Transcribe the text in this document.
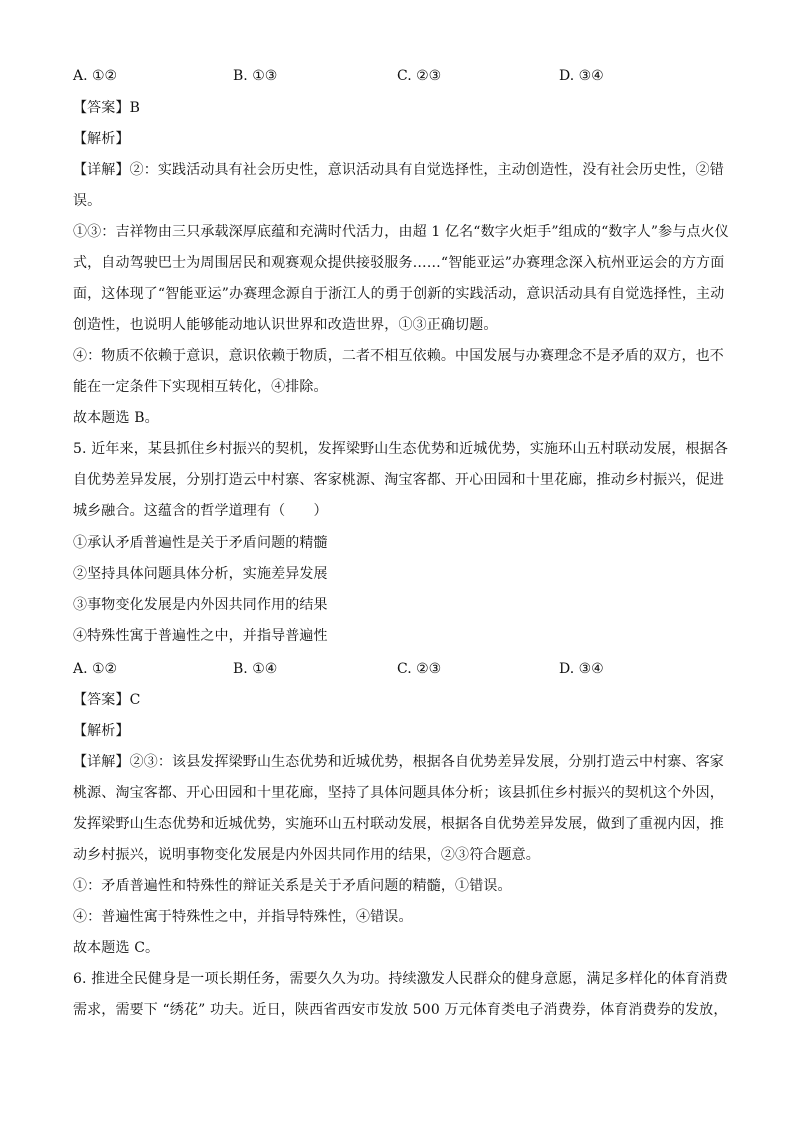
A. ①②	B. ①③	C. ②③	D. ③④
【答案】B
【解析】
【详解】②：实践活动具有社会历史性，意识活动具有自觉选择性，主动创造性，没有社会历史性，②错
误。
①③：吉祥物由三只承载深厚底蕴和充满时代活力，由超 1 亿名“数字火炬手”组成的“数字人”参与点火仪
式，自动驾驶巴士为周围居民和观赛观众提供接驳服务……“智能亚运”办赛理念深入杭州亚运会的方方面
面，这体现了“智能亚运”办赛理念源自于浙江人的勇于创新的实践活动，意识活动具有自觉选择性，主动
创造性，也说明人能够能动地认识世界和改造世界，①③正确切题。
④：物质不依赖于意识，意识依赖于物质，二者不相互依赖。中国发展与办赛理念不是矛盾的双方，也不
能在一定条件下实现相互转化，④排除。
故本题选 B。
5. 近年来，某县抓住乡村振兴的契机，发挥梁野山生态优势和近城优势，实施环山五村联动发展，根据各
自优势差异发展，分别打造云中村寨、客家桃源、淘宝客都、开心田园和十里花廊，推动乡村振兴，促进
城乡融合。这蕴含的哲学道理有（　　）
①承认矛盾普遍性是关于矛盾问题的精髓
②坚持具体问题具体分析，实施差异发展
③事物变化发展是内外因共同作用的结果
④特殊性寓于普遍性之中，并指导普遍性
A. ①②	B. ①④	C. ②③	D. ③④
【答案】C
【解析】
【详解】②③：该县发挥梁野山生态优势和近城优势，根据各自优势差异发展，分别打造云中村寨、客家
桃源、淘宝客都、开心田园和十里花廊，坚持了具体问题具体分析；该县抓住乡村振兴的契机这个外因，
发挥梁野山生态优势和近城优势，实施环山五村联动发展，根据各自优势差异发展，做到了重视内因，推
动乡村振兴，说明事物变化发展是内外因共同作用的结果，②③符合题意。
①：矛盾普遍性和特殊性的辩证关系是关于矛盾问题的精髓，①错误。
④：普遍性寓于特殊性之中，并指导特殊性，④错误。
故本题选 C。
6. 推进全民健身是一项长期任务，需要久久为功。持续激发人民群众的健身意愿，满足多样化的体育消费
需求，需要下 “绣花” 功夫。近日，陕西省西安市发放 500 万元体育类电子消费券，体育消费券的发放，
